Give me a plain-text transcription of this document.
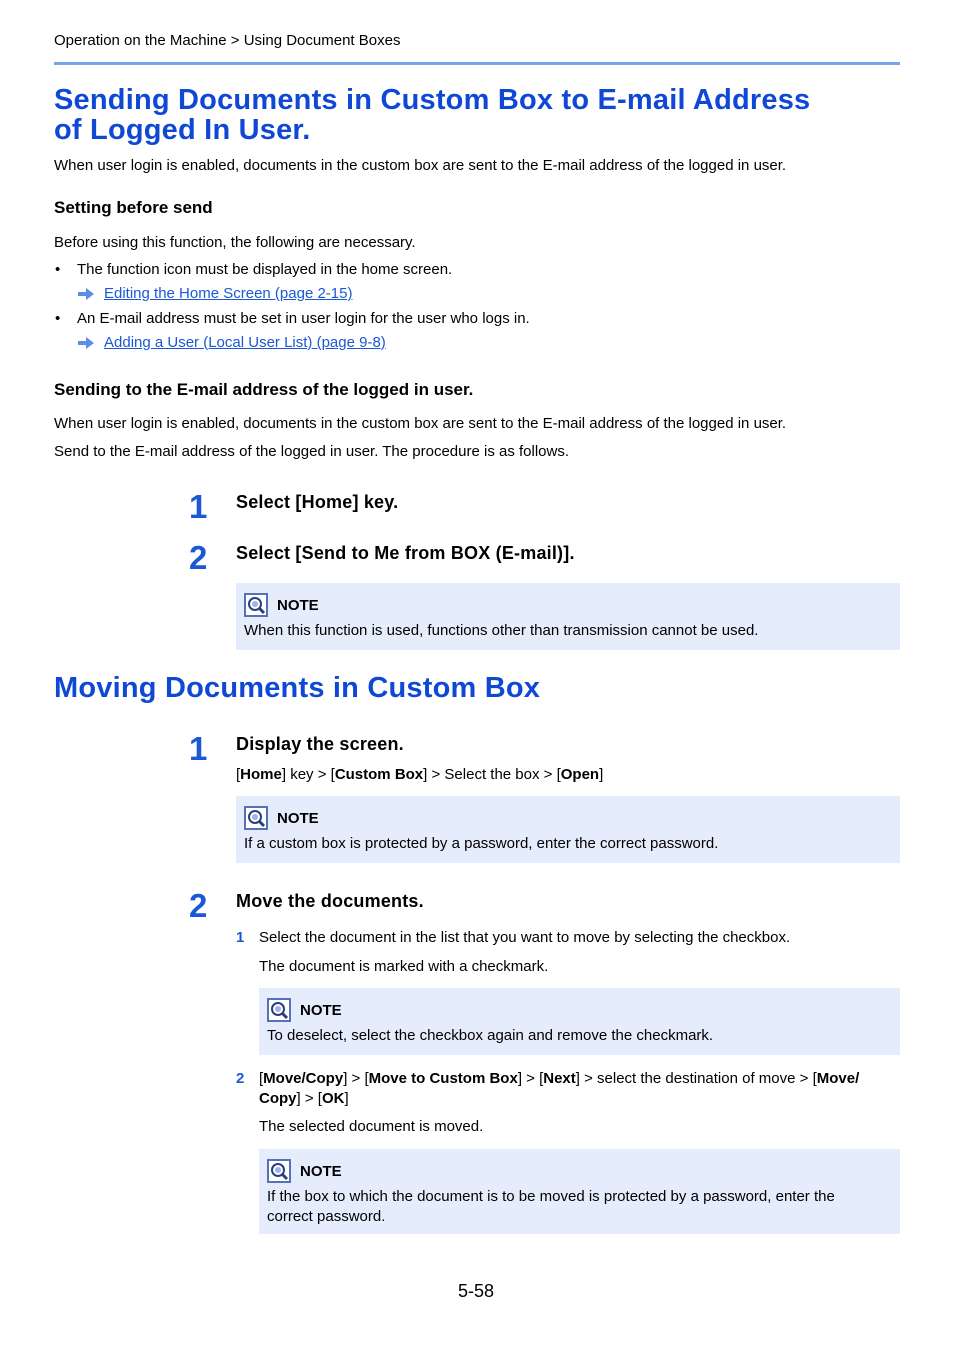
Operation on the Machine > Using Document Boxes
Sending Documents in Custom Box to E-mail Address
of Logged In User.
When user login is enabled, documents in the custom box are sent to the E-mail address of the logged in user.
Setting before send
Before using this function, the following are necessary.
• The function icon must be displayed in the home screen.
Editing the Home Screen (page 2-15)
• An E-mail address must be set in user login for the user who logs in.
Adding a User (Local User List) (page 9-8)
Sending to the E-mail address of the logged in user.
When user login is enabled, documents in the custom box are sent to the E-mail address of the logged in user.
Send to the E-mail address of the logged in user. The procedure is as follows.
1 Select [Home] key.
2 Select [Send to Me from BOX (E-mail)].
NOTE
When this function is used, functions other than transmission cannot be used.
Moving Documents in Custom Box
1 Display the screen.
[Home] key > [Custom Box] > Select the box > [Open]
NOTE
If a custom box is protected by a password, enter the correct password.
2 Move the documents.
1 Select the document in the list that you want to move by selecting the checkbox.
The document is marked with a checkmark.
NOTE
To deselect, select the checkbox again and remove the checkmark.
2 [Move/Copy] > [Move to Custom Box] > [Next] > select the destination of move > [Move/
Copy] > [OK]
The selected document is moved.
NOTE
If the box to which the document is to be moved is protected by a password, enter the
correct password.
5-58
